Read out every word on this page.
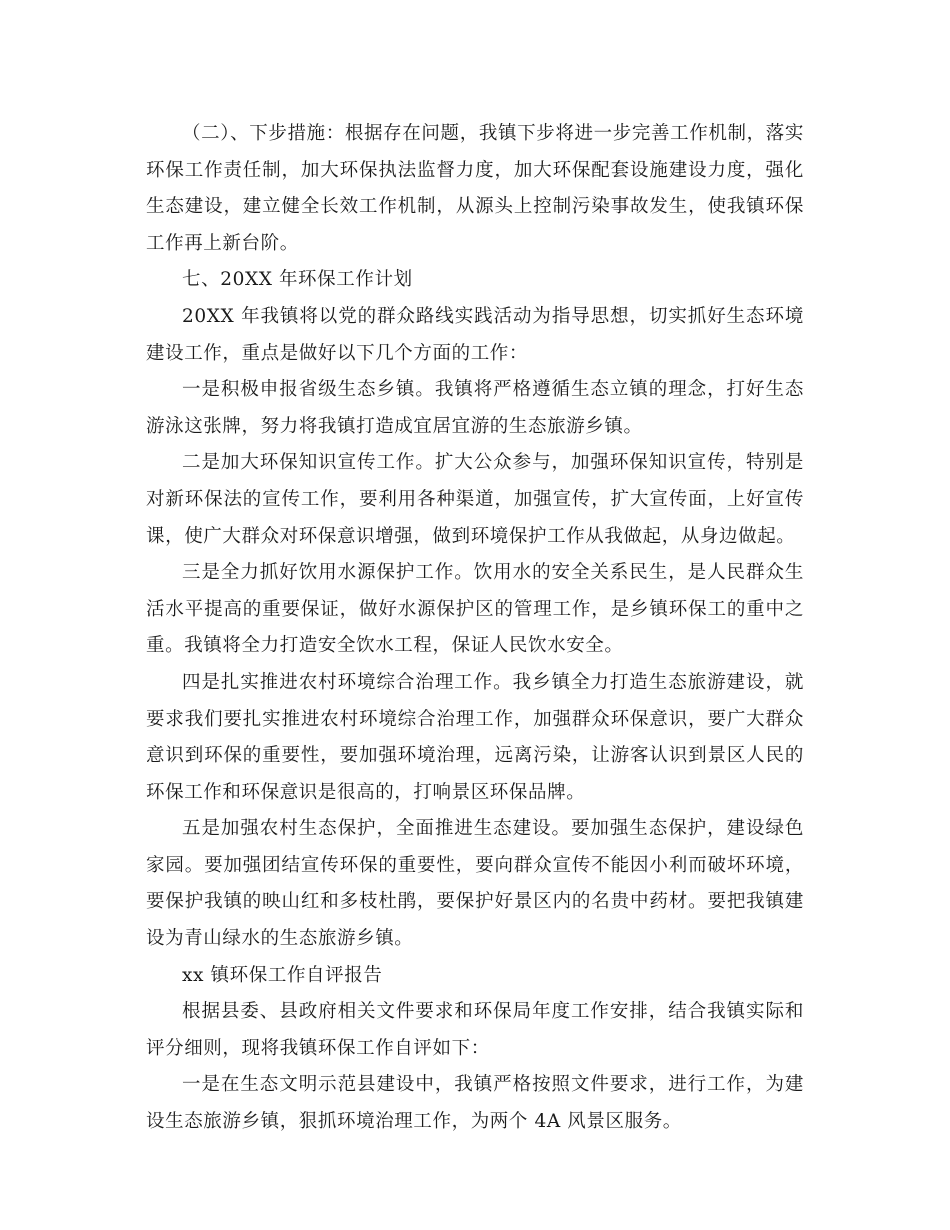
（二）、下步措施：根据存在问题，我镇下步将进一步完善工作机制，落实环保工作责任制，加大环保执法监督力度，加大环保配套设施建设力度，强化生态建设，建立健全长效工作机制，从源头上控制污染事故发生，使我镇环保工作再上新台阶。

七、20XX 年环保工作计划

20XX 年我镇将以党的群众路线实践活动为指导思想，切实抓好生态环境建设工作，重点是做好以下几个方面的工作：

一是积极申报省级生态乡镇。我镇将严格遵循生态立镇的理念，打好生态游泳这张牌，努力将我镇打造成宜居宜游的生态旅游乡镇。

二是加大环保知识宣传工作。扩大公众参与，加强环保知识宣传，特别是对新环保法的宣传工作，要利用各种渠道，加强宣传，扩大宣传面，上好宣传课，使广大群众对环保意识增强，做到环境保护工作从我做起，从身边做起。

三是全力抓好饮用水源保护工作。饮用水的安全关系民生，是人民群众生活水平提高的重要保证，做好水源保护区的管理工作，是乡镇环保工的重中之重。我镇将全力打造安全饮水工程，保证人民饮水安全。

四是扎实推进农村环境综合治理工作。我乡镇全力打造生态旅游建设，就要求我们要扎实推进农村环境综合治理工作，加强群众环保意识，要广大群众意识到环保的重要性，要加强环境治理，远离污染，让游客认识到景区人民的环保工作和环保意识是很高的，打响景区环保品牌。

五是加强农村生态保护，全面推进生态建设。要加强生态保护，建设绿色家园。要加强团结宣传环保的重要性，要向群众宣传不能因小利而破坏环境，要保护我镇的映山红和多枝杜鹃，要保护好景区内的名贵中药材。要把我镇建设为青山绿水的生态旅游乡镇。

xx 镇环保工作自评报告

根据县委、县政府相关文件要求和环保局年度工作安排，结合我镇实际和评分细则，现将我镇环保工作自评如下：

一是在生态文明示范县建设中，我镇严格按照文件要求，进行工作，为建设生态旅游乡镇，狠抓环境治理工作，为两个 4A 风景区服务。
